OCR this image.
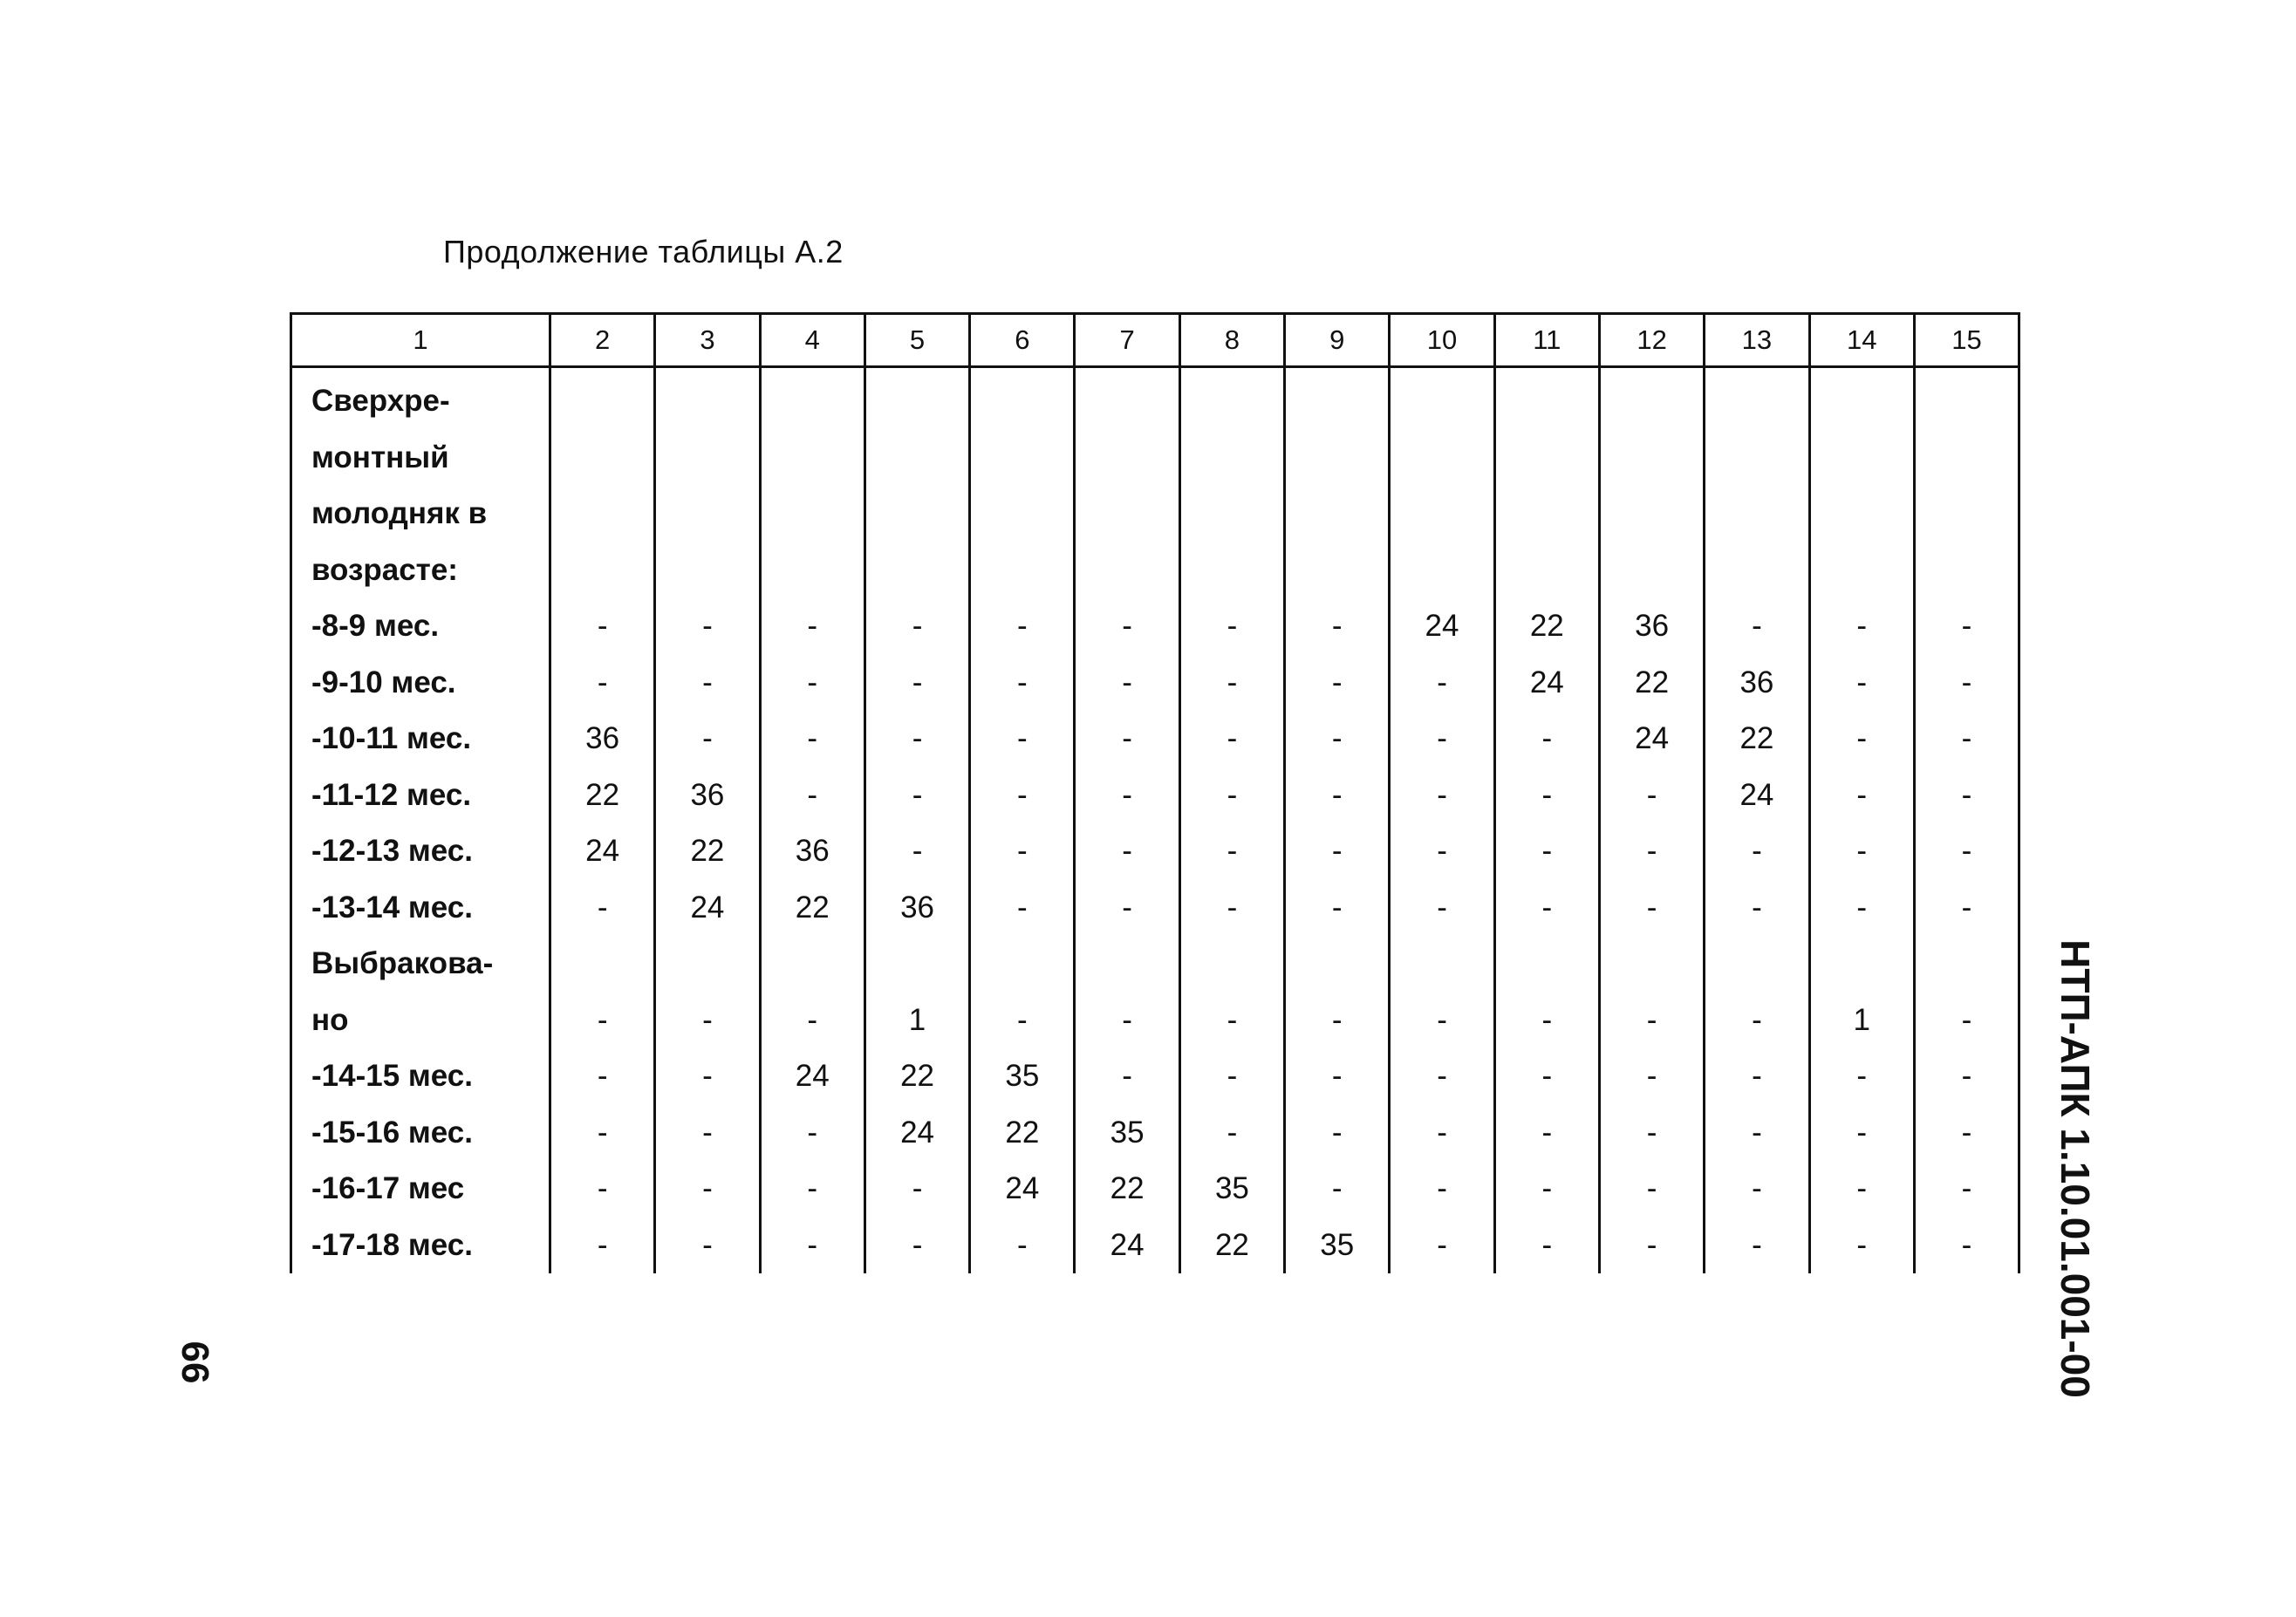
Продолжение таблицы А.2
1	2	3	4	5	6	7	8	9	10	11	12	13	14	15
Сверхре-														
монтный														
молодняк в														
возрасте:														
-8-9 мес.	-	-	-	-	-	-	-	-	24	22	36	-	-	-
-9-10 мес.	-	-	-	-	-	-	-	-	-	24	22	36	-	-
-10-11 мес.	36	-	-	-	-	-	-	-	-	-	24	22	-	-
-11-12 мес.	22	36	-	-	-	-	-	-	-	-	-	24	-	-
-12-13 мес.	24	22	36	-	-	-	-	-	-	-	-	-	-	-
-13-14 мес.	-	24	22	36	-	-	-	-	-	-	-	-	-	-
Выбракова-														
но	-	-	-	1	-	-	-	-	-	-	-	-	1	-
-14-15 мес.	-	-	24	22	35	-	-	-	-	-	-	-	-	-
-15-16 мес.	-	-	-	24	22	35	-	-	-	-	-	-	-	-
-16-17 мес	-	-	-	-	24	22	35	-	-	-	-	-	-	-
-17-18 мес.	-	-	-	-	-	24	22	35	-	-	-	-	-	- НТП-АПК 1.10.01.001-00
66
